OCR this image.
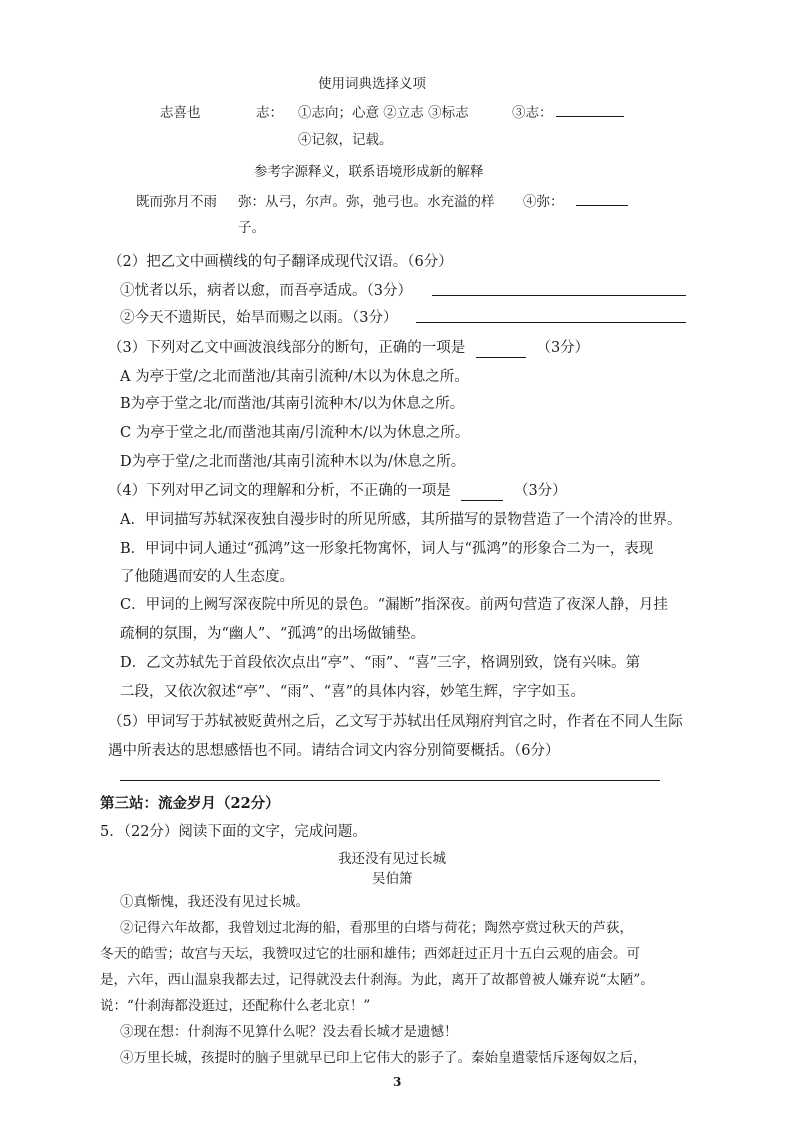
使用词典选择义项
志喜也	志： ①志向；心意 ②立志 ③标志	③志：
④记叙，记载。
参考字源释义，联系语境形成新的解释
既而弥月不雨 弥：从弓，尔声。弥，弛弓也。水充溢的样 ④弥：
子。
（2）把乙文中画横线的句子翻译成现代汉语。（6分）
①忧者以乐，病者以愈，而吾亭适成。（3分）
②今天不遗斯民，始旱而赐之以雨。（3分）
（3）下列对乙文中画波浪线部分的断句，正确的一项是	（3分）
A 为亭于堂/之北而凿池/其南引流种/木以为休息之所。
B为亭于堂之北/而凿池/其南引流种木/以为休息之所。
C 为亭于堂之北/而凿池其南/引流种木/以为休息之所。
D为亭于堂/之北而凿池/其南引流种木以为/休息之所。
（4）下列对甲乙词文的理解和分析，不正确的一项是	（3分）
A．甲词描写苏轼深夜独自漫步时的所见所感，其所描写的景物营造了一个清冷的世界。
B．甲词中词人通过“孤鸿”这一形象托物寓怀，词人与“孤鸿”的形象合二为一，表现
了他随遇而安的人生态度。
C．甲词的上阙写深夜院中所见的景色。“漏断”指深夜。前两句营造了夜深人静，月挂
疏桐的氛围，为“幽人”、“孤鸿”的出场做铺垫。
D．乙文苏轼先于首段依次点出“亭”、“雨”、“喜”三字，格调别致，饶有兴味。第
二段，又依次叙述“亭”、“雨”、“喜”的具体内容，妙笔生辉，字字如玉。
（5）甲词写于苏轼被贬黄州之后，乙文写于苏轼出任凤翔府判官之时，作者在不同人生际
遇中所表达的思想感悟也不同。请结合词文内容分别简要概括。（6分）
第三站：流金岁月（22分）
5．（22分）阅读下面的文字，完成问题。
我还没有见过长城
吴伯箫
①真惭愧，我还没有见过长城。
②记得六年故都，我曾划过北海的船，看那里的白塔与荷花；陶然亭赏过秋天的芦荻，
冬天的皓雪；故宫与天坛，我赞叹过它的壮丽和雄伟；西郊赶过正月十五白云观的庙会。可
是，六年，西山温泉我都去过，记得就没去什刹海。为此，离开了故都曾被人嫌弃说“太陋”。
说：“什刹海都没逛过，还配称什么老北京！”
③现在想：什刹海不见算什么呢？没去看长城才是遗憾！
④万里长城，孩提时的脑子里就早已印上它伟大的影子了。秦始皇遣蒙恬斥逐匈奴之后，
3
